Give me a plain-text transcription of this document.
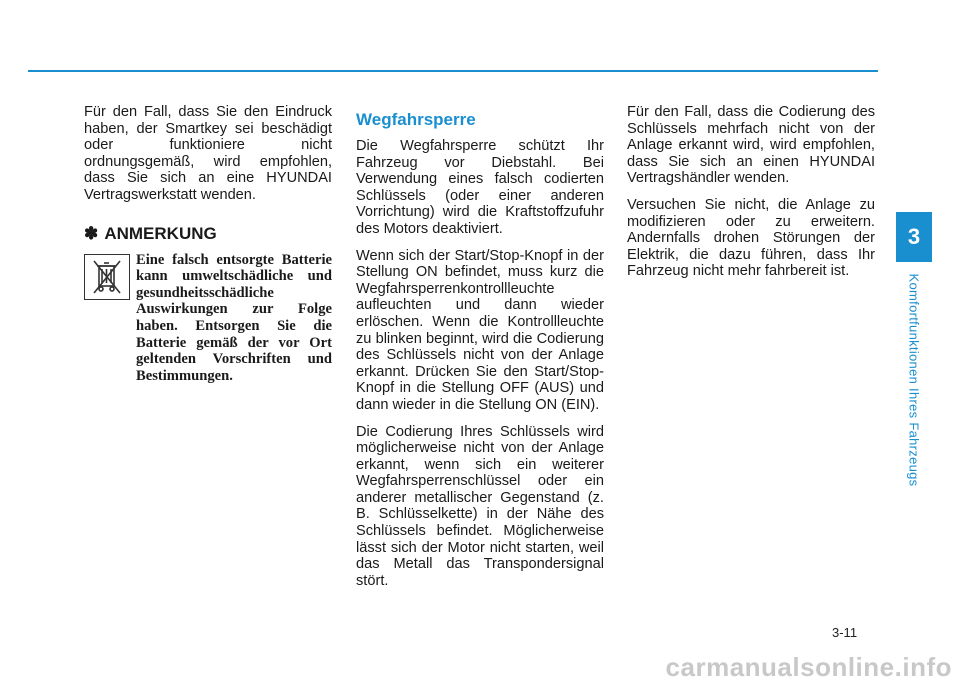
Für den Fall, dass Sie den Eindruck haben, der Smartkey sei beschädigt oder funktioniere nicht ordnungsgemäß, wird empfohlen, dass Sie sich an eine HYUNDAI Vertragswerkstatt wenden.

✽ ANMERKUNG
Eine falsch entsorgte Batterie kann umweltschädliche und gesundheitsschädliche Auswirkungen zur Folge haben. Entsorgen Sie die Batterie gemäß der vor Ort geltenden Vorschriften und Bestimmungen.
Wegfahrsperre

Die Wegfahrsperre schützt Ihr Fahrzeug vor Diebstahl. Bei Verwendung eines falsch codierten Schlüssels (oder einer anderen Vorrichtung) wird die Kraftstoffzufuhr des Motors deaktiviert.

Wenn sich der Start/Stop-Knopf in der Stellung ON befindet, muss kurz die Wegfahrsperrenkontrollleuchte aufleuchten und dann wieder erlöschen. Wenn die Kontrollleuchte zu blinken beginnt, wird die Codierung des Schlüssels nicht von der Anlage erkannt. Drücken Sie den Start/Stop-Knopf in die Stellung OFF (AUS) und dann wieder in die Stellung ON (EIN).

Die Codierung Ihres Schlüssels wird möglicherweise nicht von der Anlage erkannt, wenn sich ein weiterer Wegfahrsperrenschlüssel oder ein anderer metallischer Gegenstand (z. B. Schlüsselkette) in der Nähe des Schlüssels befindet. Möglicherweise lässt sich der Motor nicht starten, weil das Metall das Transpondersignal stört.

Für den Fall, dass die Codierung des Schlüssels mehrfach nicht von der Anlage erkannt wird, wird empfohlen, dass Sie sich an einen HYUNDAI Vertragshändler wenden.

Versuchen Sie nicht, die Anlage zu modifizieren oder zu erweitern. Andernfalls drohen Störungen der Elektrik, die dazu führen, dass Ihr Fahrzeug nicht mehr fahrbereit ist.

3
Komfortfunktionen Ihres Fahrzeugs
3-11
carmanualsonline.info
